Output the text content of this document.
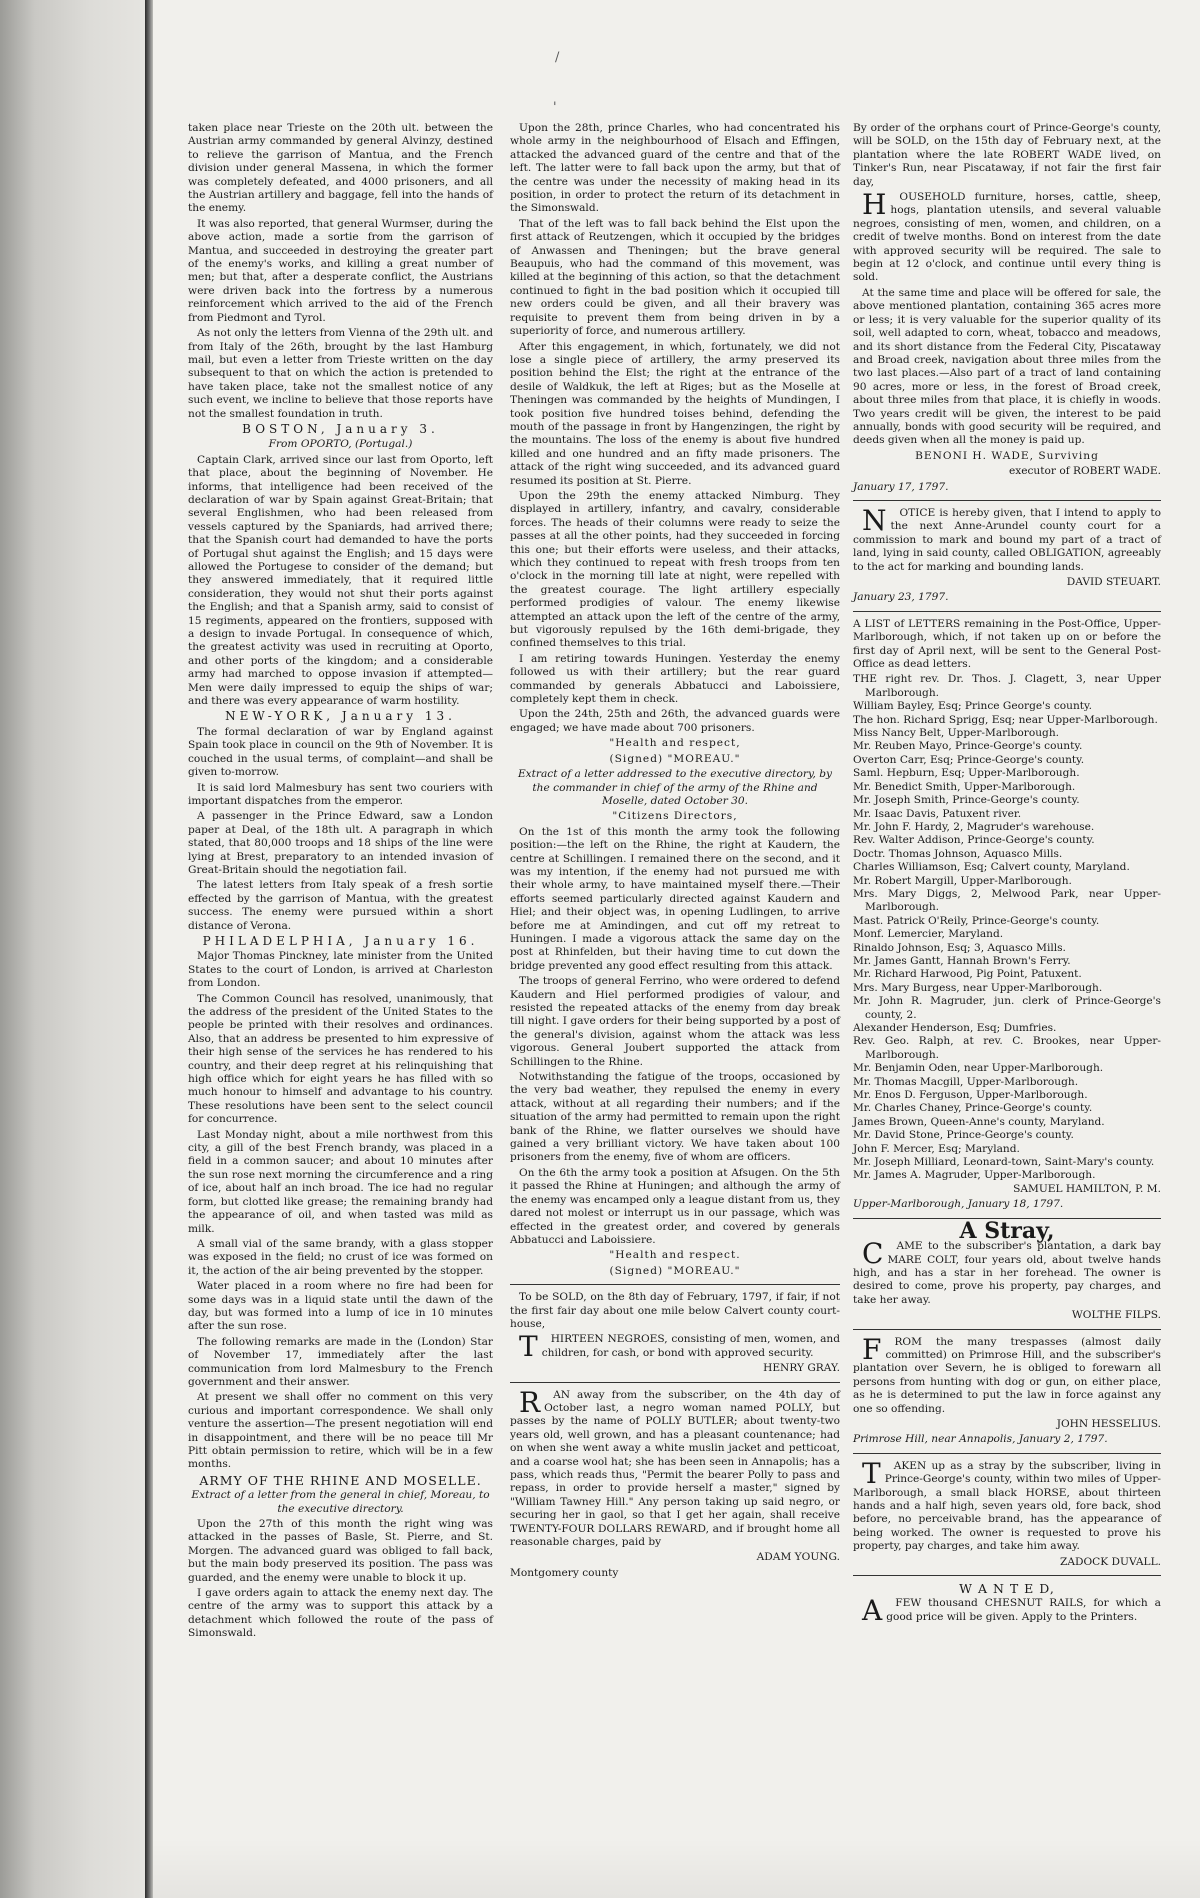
/
'

taken place near Trieste on the 20th ult. between the Austrian army commanded by general Alvinzy, destined to relieve the garrison of Mantua, and the French division under general Massena, in which the former was completely defeated, and 4000 prisoners, and all the Austrian artillery and baggage, fell into the hands of the enemy.

It was also reported, that general Wurmser, during the above action, made a sortie from the garrison of Mantua, and succeeded in destroying the greater part of the enemy's works, and killing a great number of men; but that, after a desperate conflict, the Austrians were driven back into the fortress by a numerous reinforcement which arrived to the aid of the French from Piedmont and Tyrol.

As not only the letters from Vienna of the 29th ult. and from Italy of the 26th, brought by the last Hamburg mail, but even a letter from Trieste written on the day subsequent to that on which the action is pretended to have taken place, take not the smallest notice of any such event, we incline to believe that those reports have not the smallest foundation in truth.

BOSTON, January 3.

From OPORTO, (Portugal.)

Captain Clark, arrived since our last from Oporto, left that place, about the beginning of November. He informs, that intelligence had been received of the declaration of war by Spain against Great-Britain; that several Englishmen, who had been released from vessels captured by the Spaniards, had arrived there; that the Spanish court had demanded to have the ports of Portugal shut against the English; and 15 days were allowed the Portugese to consider of the demand; but they answered immediately, that it required little consideration, they would not shut their ports against the English; and that a Spanish army, said to consist of 15 regiments, appeared on the frontiers, supposed with a design to invade Portugal. In consequence of which, the greatest activity was used in recruiting at Oporto, and other ports of the kingdom; and a considerable army had marched to oppose invasion if attempted—Men were daily impressed to equip the ships of war; and there was every appearance of warm hostility.

NEW-YORK, January 13.

The formal declaration of war by England against Spain took place in council on the 9th of November. It is couched in the usual terms, of complaint—and shall be given to-morrow.

It is said lord Malmesbury has sent two couriers with important dispatches from the emperor.

A passenger in the Prince Edward, saw a London paper at Deal, of the 18th ult. A paragraph in which stated, that 80,000 troops and 18 ships of the line were lying at Brest, preparatory to an intended invasion of Great-Britain should the negotiation fail.

The latest letters from Italy speak of a fresh sortie effected by the garrison of Mantua, with the greatest success. The enemy were pursued within a short distance of Verona.

PHILADELPHIA, January 16.

Major Thomas Pinckney, late minister from the United States to the court of London, is arrived at Charleston from London.

The Common Council has resolved, unanimously, that the address of the president of the United States to the people be printed with their resolves and ordinances. Also, that an address be presented to him expressive of their high sense of the services he has rendered to his country, and their deep regret at his relinquishing that high office which for eight years he has filled with so much honour to himself and advantage to his country. These resolutions have been sent to the select council for concurrence.

Last Monday night, about a mile northwest from this city, a gill of the best French brandy, was placed in a field in a common saucer; and about 10 minutes after the sun rose next morning the circumference and a ring of ice, about half an inch broad. The ice had no regular form, but clotted like grease; the remaining brandy had the appearance of oil, and when tasted was mild as milk.

A small vial of the same brandy, with a glass stopper was exposed in the field; no crust of ice was formed on it, the action of the air being prevented by the stopper.

Water placed in a room where no fire had been for some days was in a liquid state until the dawn of the day, but was formed into a lump of ice in 10 minutes after the sun rose.

The following remarks are made in the (London) Star of November 17, immediately after the last communication from lord Malmesbury to the French government and their answer.

At present we shall offer no comment on this very curious and important correspondence. We shall only venture the assertion—The present negotiation will end in disappointment, and there will be no peace till Mr Pitt obtain permission to retire, which will be in a few months.

ARMY OF THE RHINE AND MOSELLE.

Extract of a letter from the general in chief, Moreau, to the executive directory.

Upon the 27th of this month the right wing was attacked in the passes of Basle, St. Pierre, and St. Morgen. The advanced guard was obliged to fall back, but the main body preserved its position. The pass was guarded, and the enemy were unable to block it up.

I gave orders again to attack the enemy next day. The centre of the army was to support this attack by a detachment which followed the route of the pass of Simonswald.

Upon the 28th, prince Charles, who had concentrated his whole army in the neighbourhood of Elsach and Effingen, attacked the advanced guard of the centre and that of the left. The latter were to fall back upon the army, but that of the centre was under the necessity of making head in its position, in order to protect the return of its detachment in the Simonswald.

That of the left was to fall back behind the Elst upon the first attack of Reutzengen, which it occupied by the bridges of Anwassen and Theningen; but the brave general Beaupuis, who had the command of this movement, was killed at the beginning of this action, so that the detachment continued to fight in the bad position which it occupied till new orders could be given, and all their bravery was requisite to prevent them from being driven in by a superiority of force, and numerous artillery.

After this engagement, in which, fortunately, we did not lose a single piece of artillery, the army preserved its position behind the Elst; the right at the entrance of the desile of Waldkuk, the left at Riges; but as the Moselle at Theningen was commanded by the heights of Mundingen, I took position five hundred toises behind, defending the mouth of the passage in front by Hangenzingen, the right by the mountains. The loss of the enemy is about five hundred killed and one hundred and an fifty made prisoners. The attack of the right wing succeeded, and its advanced guard resumed its position at St. Pierre.

Upon the 29th the enemy attacked Nimburg. They displayed in artillery, infantry, and cavalry, considerable forces. The heads of their columns were ready to seize the passes at all the other points, had they succeeded in forcing this one; but their efforts were useless, and their attacks, which they continued to repeat with fresh troops from ten o'clock in the morning till late at night, were repelled with the greatest courage. The light artillery especially performed prodigies of valour. The enemy likewise attempted an attack upon the left of the centre of the army, but vigorously repulsed by the 16th demi-brigade, they confined themselves to this trial.

I am retiring towards Huningen. Yesterday the enemy followed us with their artillery; but the rear guard commanded by generals Abbatucci and Laboissiere, completely kept them in check.

Upon the 24th, 25th and 26th, the advanced guards were engaged; we have made about 700 prisoners.

"Health and respect,

(Signed) "MOREAU."

Extract of a letter addressed to the executive directory, by the commander in chief of the army of the Rhine and Moselle, dated October 30.

"Citizens Directors,

On the 1st of this month the army took the following position:—the left on the Rhine, the right at Kaudern, the centre at Schillingen. I remained there on the second, and it was my intention, if the enemy had not pursued me with their whole army, to have maintained myself there.—Their efforts seemed particularly directed against Kaudern and Hiel; and their object was, in opening Ludlingen, to arrive before me at Amindingen, and cut off my retreat to Huningen. I made a vigorous attack the same day on the post at Rhinfelden, but their having time to cut down the bridge prevented any good effect resulting from this attack.

The troops of general Ferrino, who were ordered to defend Kaudern and Hiel performed prodigies of valour, and resisted the repeated attacks of the enemy from day break till night. I gave orders for their being supported by a post of the general's division, against whom the attack was less vigorous. General Joubert supported the attack from Schillingen to the Rhine.

Notwithstanding the fatigue of the troops, occasioned by the very bad weather, they repulsed the enemy in every attack, without at all regarding their numbers; and if the situation of the army had permitted to remain upon the right bank of the Rhine, we flatter ourselves we should have gained a very brilliant victory. We have taken about 100 prisoners from the enemy, five of whom are officers.

On the 6th the army took a position at Afsugen. On the 5th it passed the Rhine at Huningen; and although the army of the enemy was encamped only a league distant from us, they dared not molest or interrupt us in our passage, which was effected in the greatest order, and covered by generals Abbatucci and Laboissiere.

"Health and respect.

(Signed) "MOREAU."

To be SOLD, on the 8th day of February, 1797, if fair, if not the first fair day about one mile below Calvert county court-house,

THIRTEEN NEGROES, consisting of men, women, and children, for cash, or bond with approved security.

HENRY GRAY.

RAN away from the subscriber, on the 4th day of October last, a negro woman named POLLY, but passes by the name of POLLY BUTLER; about twenty-two years old, well grown, and has a pleasant countenance; had on when she went away a white muslin jacket and petticoat, and a coarse wool hat; she has been seen in Annapolis; has a pass, which reads thus, "Permit the bearer Polly to pass and repass, in order to provide herself a master," signed by "William Tawney Hill." Any person taking up said negro, or securing her in gaol, so that I get her again, shall receive TWENTY-FOUR DOLLARS REWARD, and if brought home all reasonable charges, paid by

ADAM YOUNG.

Montgomery county

By order of the orphans court of Prince-George's county, will be SOLD, on the 15th day of February next, at the plantation where the late ROBERT WADE lived, on Tinker's Run, near Piscataway, if not fair the first fair day,

HOUSEHOLD furniture, horses, cattle, sheep, hogs, plantation utensils, and several valuable negroes, consisting of men, women, and children, on a credit of twelve months. Bond on interest from the date with approved security will be required. The sale to begin at 12 o'clock, and continue until every thing is sold.

At the same time and place will be offered for sale, the above mentioned plantation, containing 365 acres more or less; it is very valuable for the superior quality of its soil, well adapted to corn, wheat, tobacco and meadows, and its short distance from the Federal City, Piscataway and Broad creek, navigation about three miles from the two last places.—Also part of a tract of land containing 90 acres, more or less, in the forest of Broad creek, about three miles from that place, it is chiefly in woods. Two years credit will be given, the interest to be paid annually, bonds with good security will be required, and deeds given when all the money is paid up.

BENONI H. WADE, Surviving

executor of ROBERT WADE.

January 17, 1797.

NOTICE is hereby given, that I intend to apply to the next Anne-Arundel county court for a commission to mark and bound my part of a tract of land, lying in said county, called OBLIGATION, agreeably to the act for marking and bounding lands.

DAVID STEUART.

January 23, 1797.

A LIST of LETTERS remaining in the Post-Office, Upper-Marlborough, which, if not taken up on or before the first day of April next, will be sent to the General Post-Office as dead letters.

THE right rev. Dr. Thos. J. Clagett, 3, near Upper Marlborough.
William Bayley, Esq; Prince George's county.
The hon. Richard Sprigg, Esq; near Upper-Marlborough.
Miss Nancy Belt, Upper-Marlborough.
Mr. Reuben Mayo, Prince-George's county.
Overton Carr, Esq; Prince-George's county.
Saml. Hepburn, Esq; Upper-Marlborough.
Mr. Benedict Smith, Upper-Marlborough.
Mr. Joseph Smith, Prince-George's county.
Mr. Isaac Davis, Patuxent river.
Mr. John F. Hardy, 2, Magruder's warehouse.
Rev. Walter Addison, Prince-George's county.
Doctr. Thomas Johnson, Aquasco Mills.
Charles Williamson, Esq; Calvert county, Maryland.
Mr. Robert Margill, Upper-Marlborough.
Mrs. Mary Diggs, 2, Melwood Park, near Upper-Marlborough.
Mast. Patrick O'Reily, Prince-George's county.
Monf. Lemercier, Maryland.
Rinaldo Johnson, Esq; 3, Aquasco Mills.
Mr. James Gantt, Hannah Brown's Ferry.
Mr. Richard Harwood, Pig Point, Patuxent.
Mrs. Mary Burgess, near Upper-Marlborough.
Mr. John R. Magruder, jun. clerk of Prince-George's county, 2.
Alexander Henderson, Esq; Dumfries.
Rev. Geo. Ralph, at rev. C. Brookes, near Upper-Marlborough.
Mr. Benjamin Oden, near Upper-Marlborough.
Mr. Thomas Macgill, Upper-Marlborough.
Mr. Enos D. Ferguson, Upper-Marlborough.
Mr. Charles Chaney, Prince-George's county.
James Brown, Queen-Anne's county, Maryland.
Mr. David Stone, Prince-George's county.
John F. Mercer, Esq; Maryland.
Mr. Joseph Milliard, Leonard-town, Saint-Mary's county.
Mr. James A. Magruder, Upper-Marlborough.

SAMUEL HAMILTON, P. M.

Upper-Marlborough, January 18, 1797.

A Stray,

CAME to the subscriber's plantation, a dark bay MARE COLT, four years old, about twelve hands high, and has a star in her forehead. The owner is desired to come, prove his property, pay charges, and take her away.

WOLTHE FILPS.

FROM the many trespasses (almost daily committed) on Primrose Hill, and the subscriber's plantation over Severn, he is obliged to forewarn all persons from hunting with dog or gun, on either place, as he is determined to put the law in force against any one so offending.

JOHN HESSELIUS.

Primrose Hill, near Annapolis, January 2, 1797.

TAKEN up as a stray by the subscriber, living in Prince-George's county, within two miles of Upper-Marlborough, a small black HORSE, about thirteen hands and a half high, seven years old, fore back, shod before, no perceivable brand, has the appearance of being worked. The owner is requested to prove his property, pay charges, and take him away.

ZADOCK DUVALL.

W A N T E D,

AFEW thousand CHESNUT RAILS, for which a good price will be given. Apply to the Printers.
